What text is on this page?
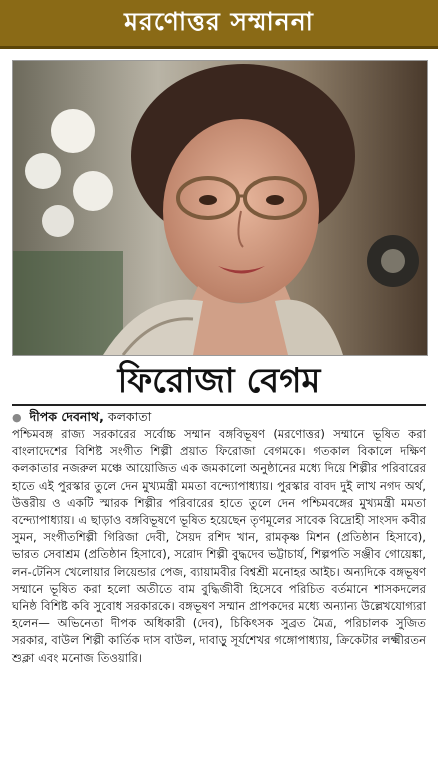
মরণোত্তর সম্মাননা
ফিরোজা বেগম
● দীপক দেবনাথ, কলকাতা

পশ্চিমবঙ্গ রাজ্য সরকারের সর্বোচ্চ সম্মান বঙ্গবিভূষণ (মরণোত্তর) সম্মানে ভূষিত করা বাংলাদেশের বিশিষ্ট সংগীত শিল্পী প্রয়াত ফিরোজা বেগমকে। গতকাল বিকালে দক্ষিণ কলকাতার নজরুল মঞ্চে আয়োজিত এক জমকালো অনুষ্ঠানের মধ্যে দিয়ে শিল্পীর পরিবারের হাতে এই পুরস্কার তুলে দেন মুখ্যমন্ত্রী মমতা বন্দ্যোপাধ্যায়। পুরস্কার বাবদ দুই লাখ নগদ অর্থ, উত্তরীয় ও একটি স্মারক শিল্পীর পরিবারের হাতে তুলে দেন পশ্চিমবঙ্গের মুখ্যমন্ত্রী মমতা বন্দ্যোপাধ্যায়। এ ছাড়াও বঙ্গবিভূষণে ভূষিত হয়েছেন তৃণমূলের সাবেক বিদ্রোহী সাংসদ কবীর সুমন, সংগীতশিল্পী গিরিজা দেবী, সৈয়দ রশিদ খান, রামকৃষ্ণ মিশন (প্রতিষ্ঠান হিসাবে), ভারত সেবাশ্রম (প্রতিষ্ঠান হিসাবে), সরোদ শিল্পী বুদ্ধদেব ভট্টাচার্য, শিল্পপতি সঞ্জীব গোয়েঙ্কা, লন-টেনিস খেলোয়ার লিয়েন্ডার পেজ, ব্যায়ামবীর বিশ্বশ্রী মনোহর আইচ। অন্যদিকে বঙ্গভূষণ সম্মানে ভূষিত করা হলো অতীতে বাম বুদ্ধিজীবী হিসেবে পরিচিত বর্তমানে শাসকদলের ঘনিষ্ঠ বিশিষ্ট কবি সুবোধ সরকারকে। বঙ্গভূষণ সম্মান প্রাপকদের মধ্যে অন্যান্য উল্লেখযোগ্যরা হলেন— অভিনেতা দীপক অধিকারী (দেব), চিকিৎসক সুব্রত মৈত্র, পরিচালক সুজিত সরকার, বাউল শিল্পী কার্তিক দাস বাউল, দাবাড়ু সূর্যশেখর গঙ্গোপাধ্যায়, ক্রিকেটার লক্ষ্মীরতন শুক্লা এবং মনোজ তিওয়ারি।
